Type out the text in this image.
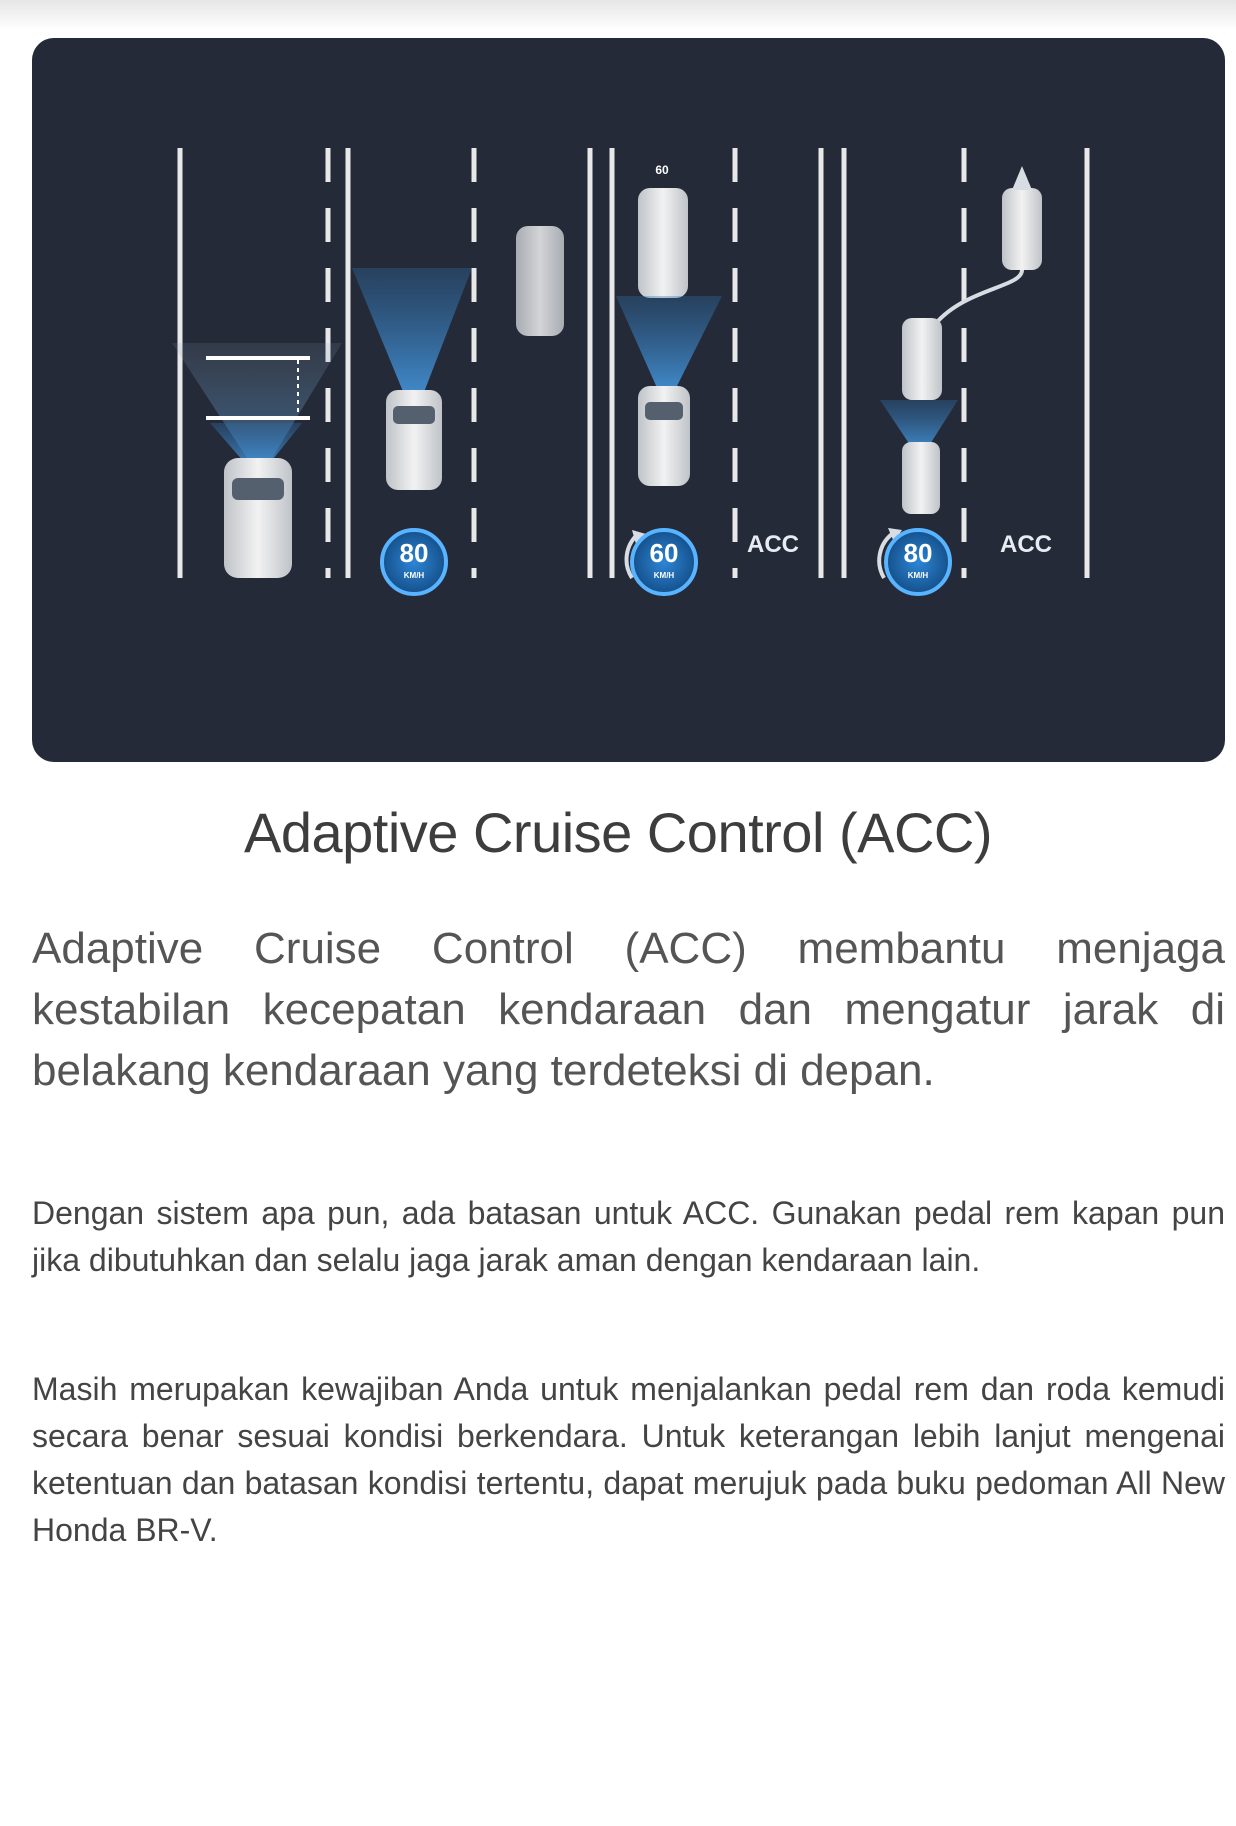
80
KM/H
60
60
KM/H
ACC	80
KM/H
ACC
Adaptive Cruise Control (ACC)

Adaptive Cruise Control (ACC) membantu menjaga kestabilan kecepatan kendaraan dan mengatur jarak di belakang kendaraan yang terdeteksi di depan.

Dengan sistem apa pun, ada batasan untuk ACC. Gunakan pedal rem kapan pun jika dibutuhkan dan selalu jaga jarak aman dengan kendaraan lain.

Masih merupakan kewajiban Anda untuk menjalankan pedal rem dan roda kemudi secara benar sesuai kondisi berkendara. Untuk keterangan lebih lanjut mengenai ketentuan dan batasan kondisi tertentu, dapat merujuk pada buku pedoman All New Honda BR-V.
